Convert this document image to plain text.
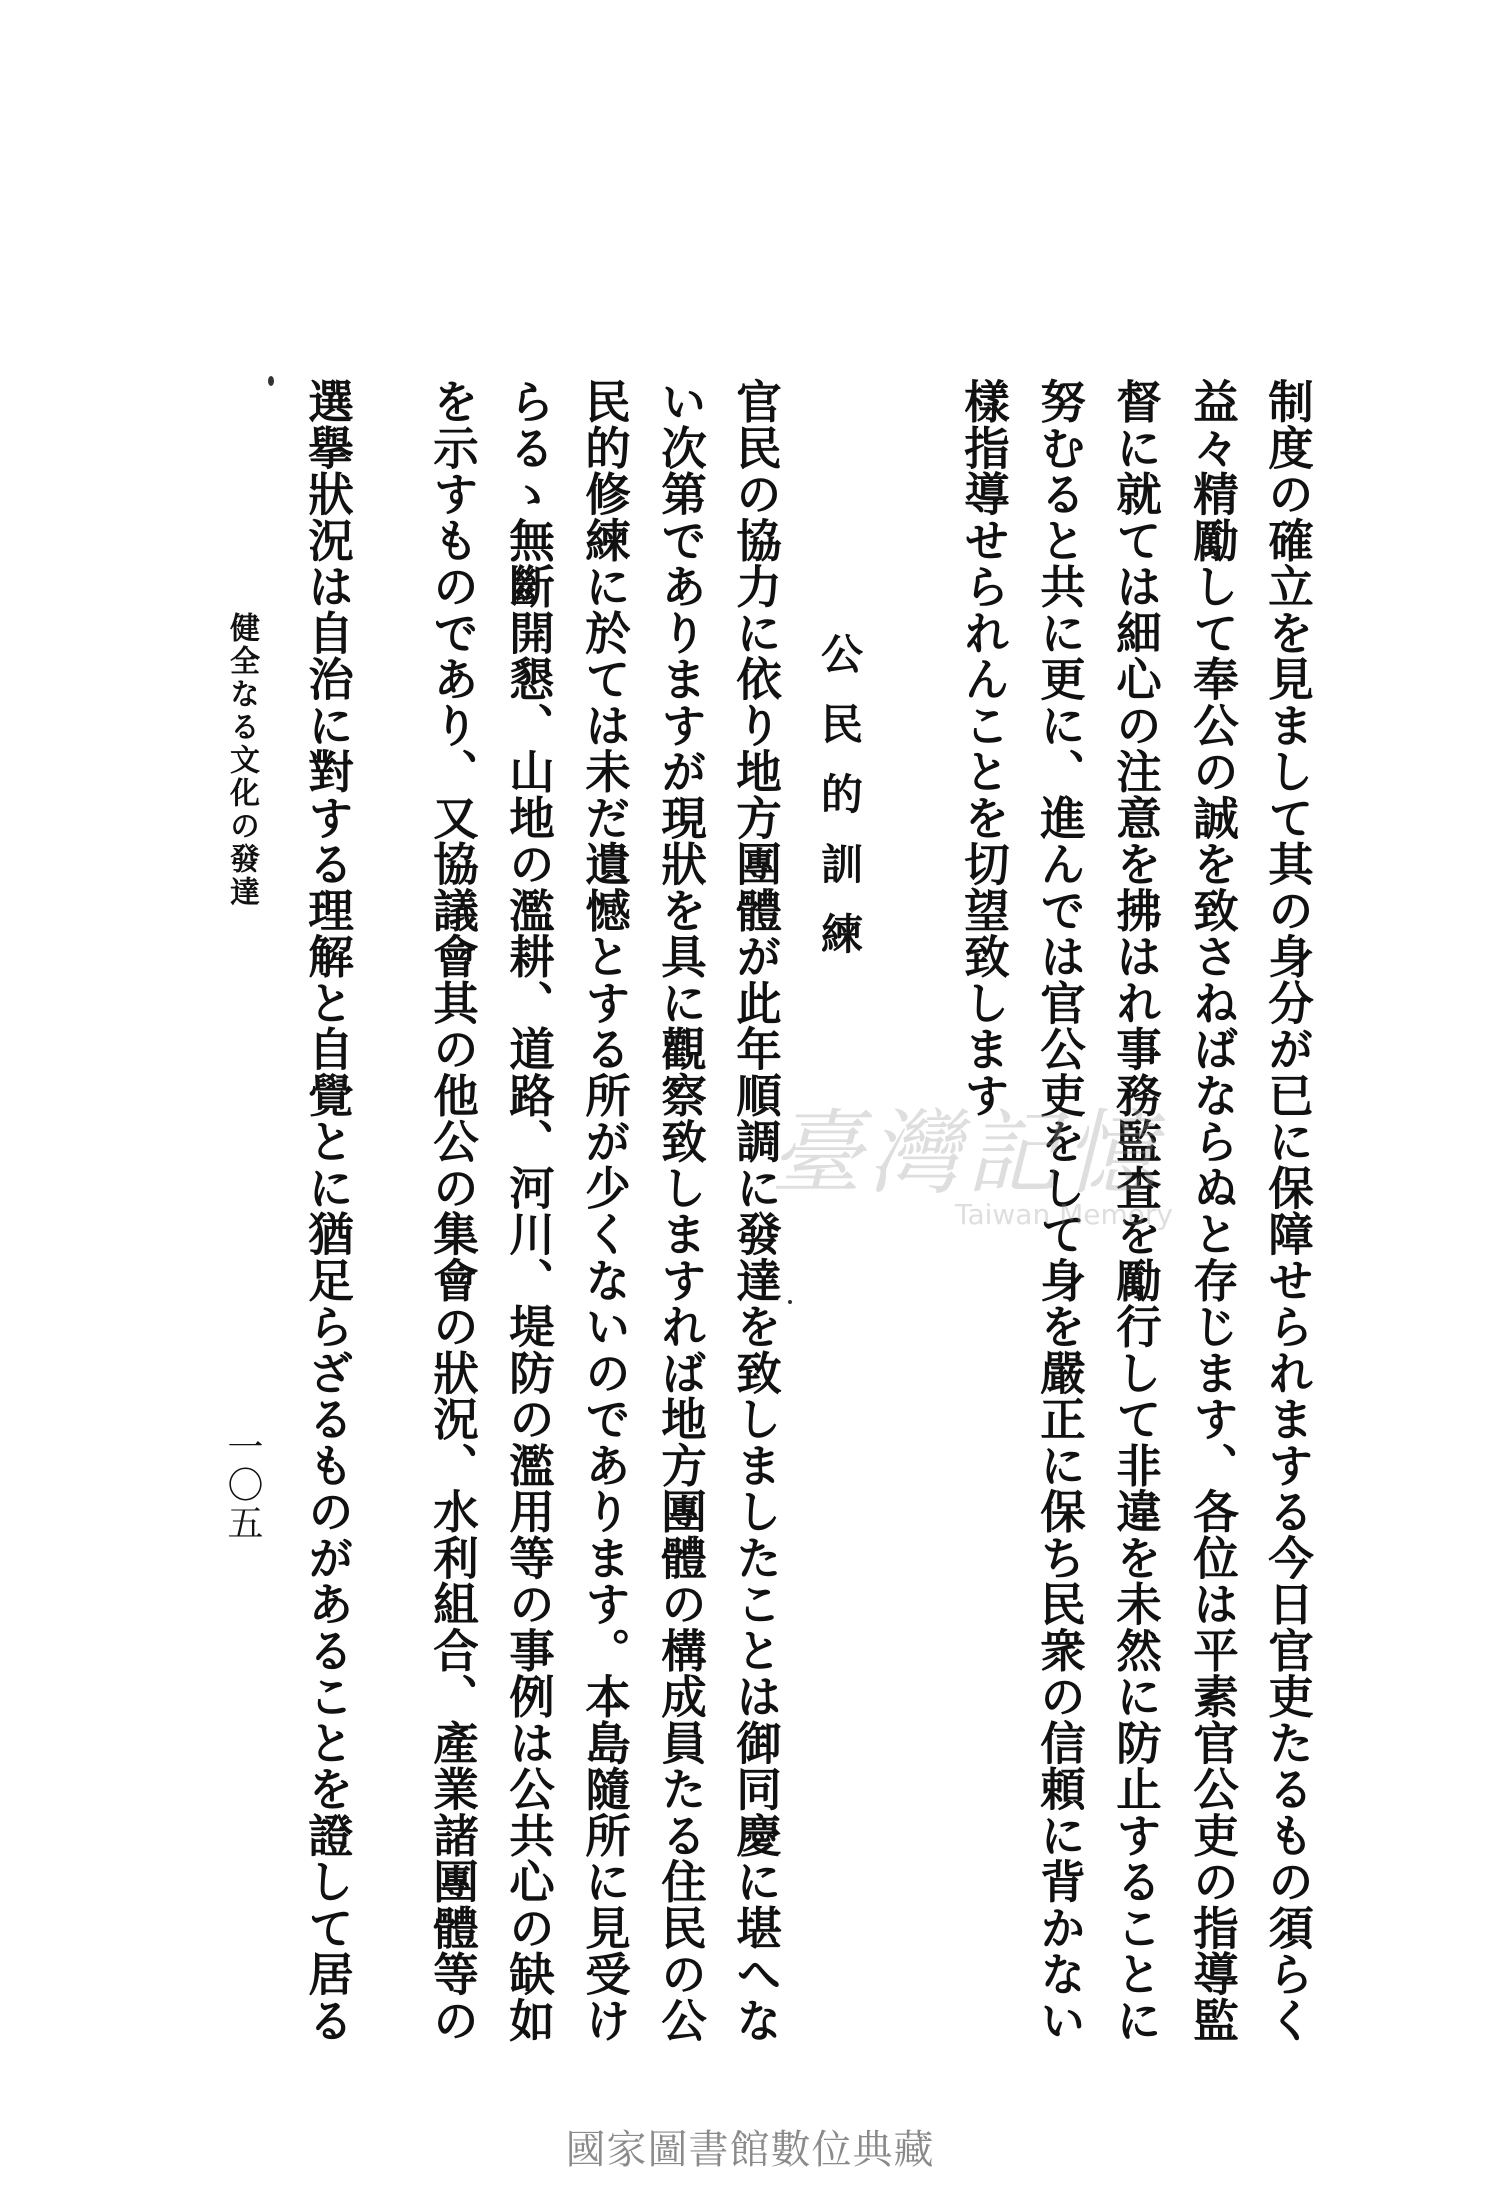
制度の確立を見まして其の身分が已に保障せられまする今日官吏たるもの須らく
益々精勵して奉公の誠を致さねばならぬと存じます、各位は平素官公吏の指導監
督に就ては細心の注意を拂はれ事務監査を勵行して非違を未然に防止することに
努むると共に更に、進んでは官公吏をして身を嚴正に保ち民衆の信頼に背かない
樣指導せられんことを切望致します
公民的訓練
官民の協力に依り地方團體が此年順調に發達を致しましたことは御同慶に堪へな
い次第でありますが現狀を具に觀察致しますれば地方團體の構成員たる住民の公
民的修練に於ては未だ遺憾とする所が少くないのであります。本島隨所に見受け
らるゝ無斷開懇、山地の濫耕、道路、河川、堤防の濫用等の事例は公共心の缺如
を示すものであり、又協議會其の他公の集會の狀況、水利組合、產業諸團體等の
選擧狀況は自治に對する理解と自覺とに猶足らざるものがあることを證して居る
健全なる文化の發達
一〇五
臺灣記憶
Taiwan Memory
國家圖書館數位典藏
